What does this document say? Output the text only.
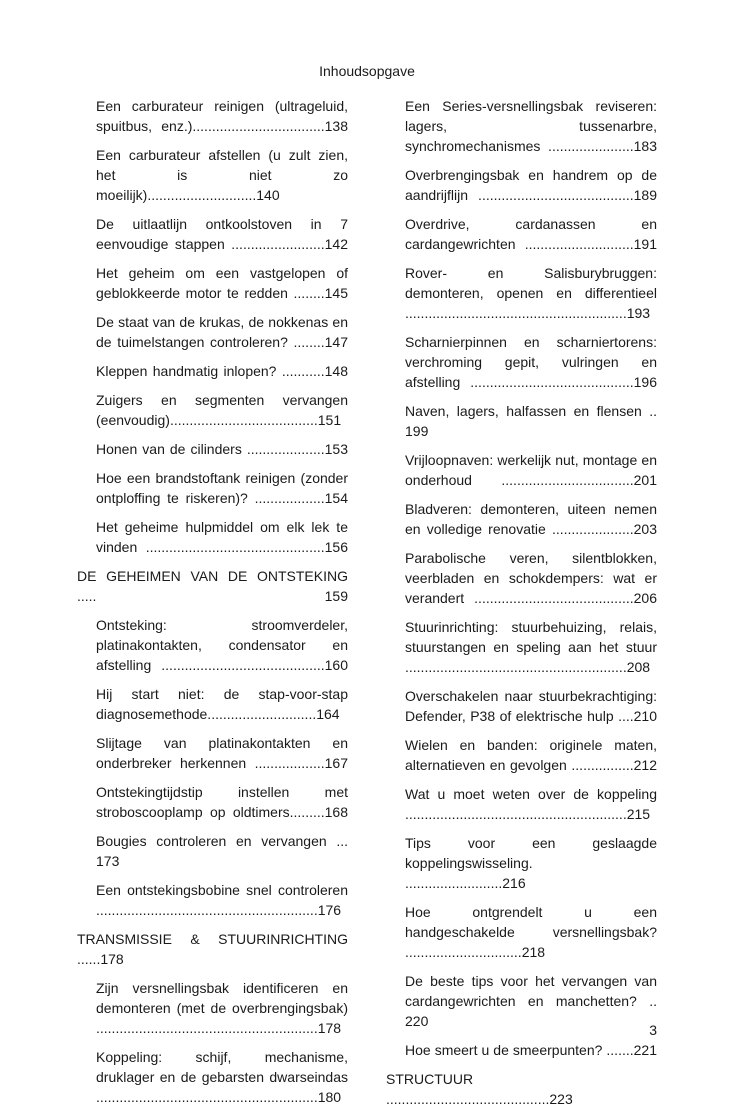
Inhoudsopgave
Een carburateur reinigen (ultrageluid, spuitbus, enz.)..................................138
Een carburateur afstellen (u zult zien, het is niet zo moeilijk)............................140
De uitlaatlijn ontkoolstoven in 7 eenvoudige stappen ........................142
Het geheim om een vastgelopen of geblokkeerde motor te redden ........145
De staat van de krukas, de nokkenas en de tuimelstangen controleren? ........147
Kleppen handmatig inlopen? ...........148
Zuigers en segmenten vervangen (eenvoudig)......................................151
Honen van de cilinders ....................153
Hoe een brandstoftank reinigen (zonder ontploffing te riskeren)? ..................154
Het geheime hulpmiddel om elk lek te vinden ..............................................156
DE GEHEIMEN VAN DE ONTSTEKING ..... 159
Ontsteking: stroomverdeler, platinakontakten, condensator en afstelling ..........................................160
Hij start niet: de stap-voor-stap diagnosemethode............................164
Slijtage van platinakontakten en onderbreker herkennen ..................167
Ontstekingtijdstip instellen met stroboscooplamp op oldtimers.........168
Bougies controleren en vervangen ... 173
Een ontstekingsbobine snel controleren .........................................................176
TRANSMISSIE & STUURINRICHTING ......178
Zijn versnellingsbak identificeren en demonteren (met de overbrengingsbak) .........................................................178
Koppeling: schijf, mechanisme, druklager en de gebarsten dwarseindas .........................................................180
Een Series-versnellingsbak reviseren: lagers, tussenarbre, synchromechanismes ......................183
Overbrengingsbak en handrem op de aandrijflijn ........................................189
Overdrive, cardanassen en cardangewrichten ............................191
Rover- en Salisburybruggen: demonteren, openen en differentieel .........................................................193
Scharnierpinnen en scharniertorens: verchroming gepit, vulringen en afstelling ..........................................196
Naven, lagers, halfassen en flensen .. 199
Vrijloopnaven: werkelijk nut, montage en onderhoud ..................................201
Bladveren: demonteren, uiteen nemen en volledige renovatie .....................203
Parabolische veren, silentblokken, veerbladen en schokdempers: wat er verandert .........................................206
Stuurinrichting: stuurbehuizing, relais, stuurstangen en speling aan het stuur .........................................................208
Overschakelen naar stuurbekrachtiging: Defender, P38 of elektrische hulp ....210
Wielen en banden: originele maten, alternatieven en gevolgen ................212
Wat u moet weten over de koppeling .........................................................215
Tips voor een geslaagde koppelingswisseling. .........................216
Hoe ontgrendelt u een handgeschakelde versnellingsbak? ..............................218
De beste tips voor het vervangen van cardangewrichten en manchetten? .. 220
Hoe smeert u de smeerpunten? .......221
STRUCTUUR ..........................................223
3
